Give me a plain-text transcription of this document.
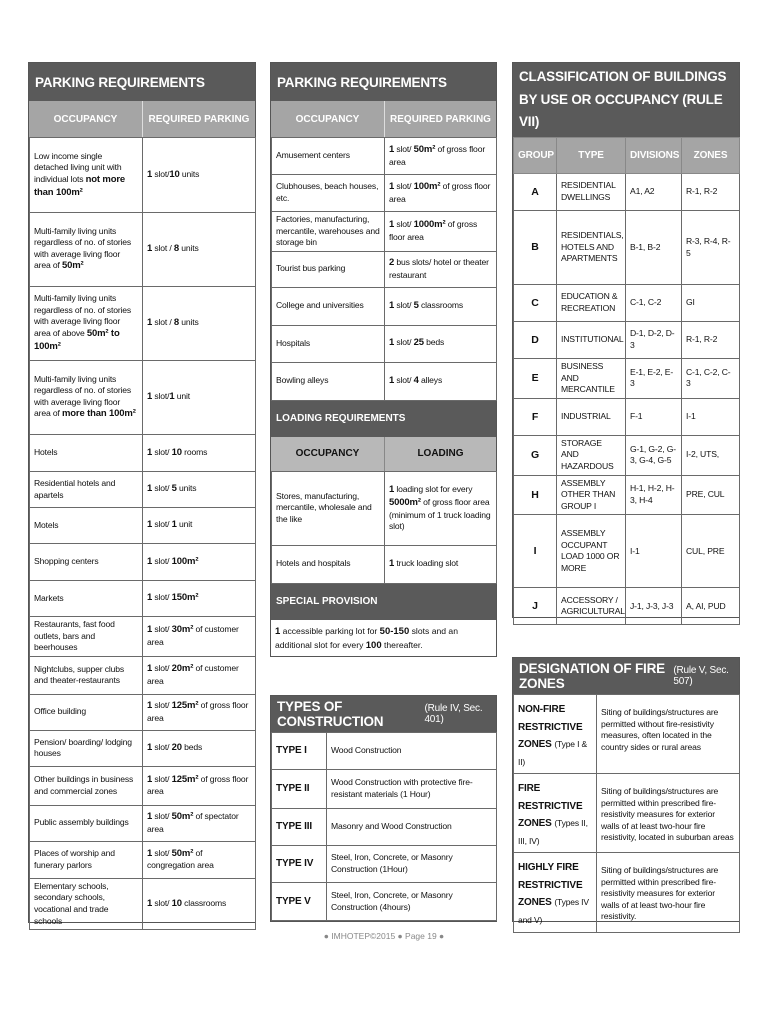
PARKING REQUIREMENTS
OCCUPANCY	REQUIRED PARKING
Low income single detached living unit with individual lots not more than 100m²	1 slot/10 units
Multi-family living units regardless of no. of stories with average living floor area of 50m²	1 slot / 8 units
Multi-family living units regardless of no. of stories with average living floor area of above 50m² to 100m²	1 slot / 8 units
Multi-family living units regardless of no. of stories with average living floor area of more than 100m²	1 slot/1 unit
Hotels	1 slot/ 10 rooms
Residential hotels and apartels	1 slot/ 5 units
Motels	1 slot/ 1 unit
Shopping centers	1 slot/ 100m²
Markets	1 slot/ 150m²
Restaurants, fast food outlets, bars and beerhouses	1 slot/ 30m² of customer area
Nightclubs, supper clubs and theater-restaurants	1 slot/ 20m² of customer area
Office building	1 slot/ 125m² of gross floor area
Pension/ boarding/ lodging houses	1 slot/ 20 beds
Other buildings in business and commercial zones	1 slot/ 125m² of gross floor area
Public assembly buildings	1 slot/ 50m² of spectator area
Places of worship and funerary parlors	1 slot/ 50m² of congregation area
Elementary schools, secondary schools, vocational and trade schools	1 slot/ 10 classrooms
PARKING REQUIREMENTS
OCCUPANCY	REQUIRED PARKING
Amusement centers	1 slot/ 50m² of gross floor area
Clubhouses, beach houses, etc.	1 slot/ 100m² of gross floor area
Factories, manufacturing, mercantile, warehouses and storage bin	1 slot/ 1000m² of gross floor area
Tourist bus parking	2 bus slots/ hotel or theater restaurant
College and universities	1 slot/ 5 classrooms
Hospitals	1 slot/ 25 beds
Bowling alleys	1 slot/ 4 alleys
LOADING REQUIREMENTS
OCCUPANCY	LOADING
Stores, manufacturing, mercantile, wholesale and the like	1 loading slot for every 5000m² of gross floor area (minimum of 1 truck loading slot)
Hotels and hospitals	1 truck loading slot
SPECIAL PROVISION
1 accessible parking lot for 50-150 slots and an additional slot for every 100 thereafter.
TYPES OF CONSTRUCTION

(Rule IV, Sec. 401)
TYPE I	Wood Construction
TYPE II	Wood Construction with protective fire-resistant materials (1 Hour)
TYPE III	Masonry and Wood Construction
TYPE IV	Steel, Iron, Concrete, or Masonry Construction (1Hour)
TYPE V	Steel, Iron, Concrete, or Masonry Construction (4hours)
CLASSIFICATION OF BUILDINGS BY USE OR OCCUPANCY (RULE VII)
GROUP	TYPE	DIVISIONS	ZONES
A	RESIDENTIAL DWELLINGS	A1, A2	R-1, R-2
B	RESIDENTIALS, HOTELS AND APARTMENTS	B-1, B-2	R-3, R-4, R-5
C	EDUCATION & RECREATION	C-1, C-2	GI
D	INSTITUTIONAL	D-1, D-2, D-3	R-1, R-2
E	BUSINESS AND MERCANTILE	E-1, E-2, E-3	C-1, C-2, C-3
F	INDUSTRIAL	F-1	I-1
G	STORAGE AND HAZARDOUS	G-1, G-2, G-3, G-4, G-5	I-2, UTS,
H	ASSEMBLY OTHER THAN GROUP I	H-1, H-2, H-3, H-4	PRE, CUL
I	ASSEMBLY OCCUPANT LOAD 1000 OR MORE	I-1	CUL, PRE
J	ACCESSORY / AGRICULTURAL	J-1, J-3, J-3	A, AI, PUD
DESIGNATION OF FIRE ZONES

(Rule V, Sec. 507)
NON-FIRE
RESTRICTIVE
ZONES (Type I & II)	Siting of buildings/structures are permitted without fire-resistivity measures, often located in the country sides or rural areas
FIRE
RESTRICTIVE
ZONES (Types II, III, IV)	Siting of buildings/structures are permitted within prescribed fire-resistivity measures for exterior walls of at least two-hour fire resistivity, located in suburban areas
HIGHLY FIRE
RESTRICTIVE
ZONES (Types IV and V)	Siting of buildings/structures are permitted within prescribed fire-resistivity measures for exterior walls of at least two-hour fire resistivity.
● IMHOTEP©2015 ● Page 19 ●
